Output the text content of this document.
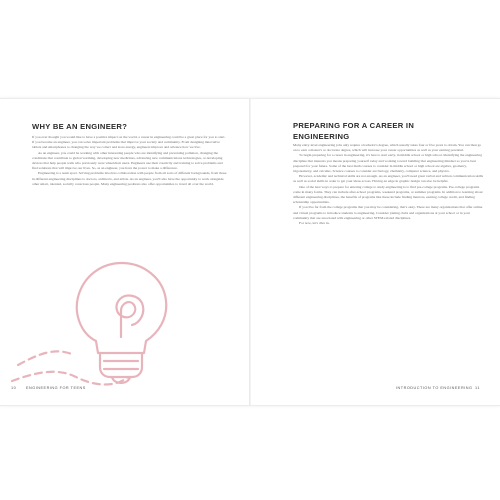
WHY BE AN ENGINEER?

If you ever thought you would like to have a positive impact on the world, a career in engineering could be a great place for you to start. If you become an engineer, you can solve important problems that improve your society and community. From designing innovative tablets and smartphones to changing the way we collect and store energy, engineers improve and advance how we live.

As an engineer, you could be working with other interesting people who are identifying and preventing pollution, changing the conditions that contribute to global warming, developing new medicines, advancing new communications technologies, or developing devices that help people walk who previously were wheelchair users. Engineers use their creativity and training to solve problems and find solutions that will improve our lives. So, as an engineer, you have the power to make a difference.

Engineering is a team sport. Solving problems involves collaboration with people from all sorts of different backgrounds, from those in different engineering disciplines to doctors, architects, and artists. As an engineer, you'll also have the opportunity to work alongside other smart, talented, socially conscious people. Many engineering positions also offer opportunities to travel all over the world.

10	ENGINEERING FOR TEENS
PREPARING FOR A CAREER IN
ENGINEERING

Many entry-level engineering jobs only require a bachelor's degree, which usually takes four or five years to obtain. You can then go on to earn a master's or doctorate degree, which will increase your career opportunities as well as your earning potential.

To begin preparing for a career in engineering, it's best to start early, in middle school or high school. Identifying the engineering discipline that interests you means preparing yourself today and working toward building that engineering mindset so you're best prepared for your future. Some of the best math courses to consider in middle school or high school are algebra, geometry, trigonometry, and calculus. Science courses to consider are biology, chemistry, computer science, and physics.

However, academic and technical skills are not enough. As an engineer, you'll need great verbal and written communication skills as well as social skills in order to get your ideas across. Having an edge in graphic design can also be helpful.

One of the best ways to prepare for entering college to study engineering is to find pre-college programs. Pre-college programs come in many forms. They can include after-school programs, weekend programs, or summer programs. In addition to learning about different engineering disciplines, the benefits of programs like these include finding mentors, earning college credit, and finding scholarship opportunities.

If you live far from the college programs that you may be considering, that's okay. There are many organizations that offer online and virtual programs to introduce students to engineering. Consider joining clubs and organizations at your school or in your community that are associated with engineering or other STEM-related disciplines.

For now, let's dive in.

INTRODUCTION TO ENGINEERING 11
